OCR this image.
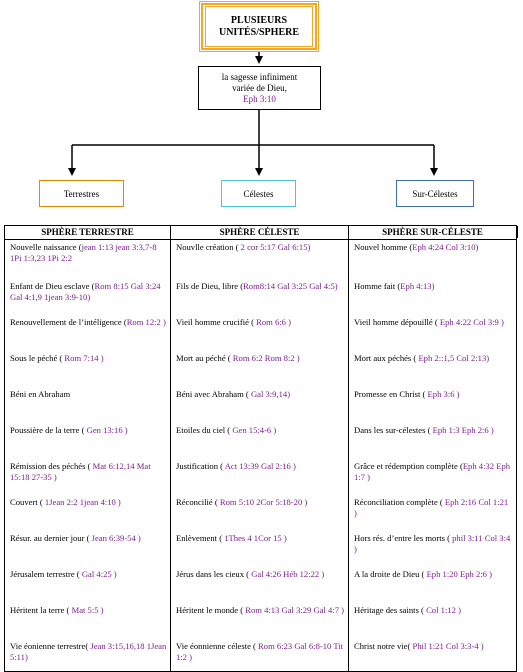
PLUSIEURS
UNITÉS/SPHERE
la sagesse infiniment
variée de Dieu,
Eph 3:10
Terrestres	Célestes	Sur-Célestes
SPHÈRE TERRESTRE	SPHÈRE CÉLESTE	SPHÈRE SUR-CÉLESTE
Nouvelle naissance (jean 1:13 jean 3:3,7-8 1Pi 1:3,23 1Pi 2:2	Nouvlle création ( 2 cor 5:17 Gal 6:15)	Nouvel homme (Eph 4:24 Col 3:10)
Enfant de Dieu esclave (Rom 8:15 Gal 3:24 Gal 4:1,9 1jean 3:9-10)	Fils de Dieu, libre (Rom8:14 Gal 3:25 Gal 4:5)	Homme fait (Eph 4:13)
Renouvellement de l’intéligence (Rom 12:2 )	Vieil homme crucifié ( Rom 6:6 )	Vieil homme dépouillé ( Eph 4:22 Col 3:9 )
Sous le péché ( Rom 7:14 )	Mort au péché ( Rom 6:2 Rom 8:2 )	Mort aux péchés ( Eph 2::1,5 Col 2:13)
Béni en Abraham	Béni avec Abraham ( Gal 3:9,14)	Promesse en Christ ( Eph 3:6 )
Poussière de la terre ( Gen 13:16 )	Etoiles du ciel ( Gen 15:4-6 )	Dans les sur-célestes ( Eph 1:3 Eph 2:6 )
Rémission des péchés ( Mat 6:12,14 Mat 15:18 27-35 )	Justification ( Act 13:39 Gal 2:16 )	Grâce et rédemption complète (Eph 4:32 Eph 1:7 )
Couvert ( 1Jean 2:2 1jean 4:10 )	Réconcilié ( Rom 5:10 2Cor 5:18-20 )	Réconciliation complète ( Eph 2:16 Col 1:21 )
Résur. au dernier jour ( Jean 6:39-54 )	Enlèvement ( 1Thes 4 1Cor 15 )	Hors rés. d’entre les morts ( phil 3:11 Col 3:4 )
Jérusalem terrestre ( Gal 4:25 )	Jérus dans les cieux ( Gal 4:26 Héb 12:22 )	A la droite de Dieu ( Eph 1:20 Eph 2:6 )
Héritent la terre ( Mat 5:5 )	Héritent le monde ( Rom 4:13 Gal 3:29 Gal 4:7 )	Héritage des saints ( Col 1:12 )
Vie éonienne terrestre( Jean 3:15,16,18 1Jean 5:11)	Vie éonnienne céleste ( Rom 6:23 Gal 6:8-10 Tit 1:2 )	Christ notre vie( Phil 1:21 Col 3:3-4 )
